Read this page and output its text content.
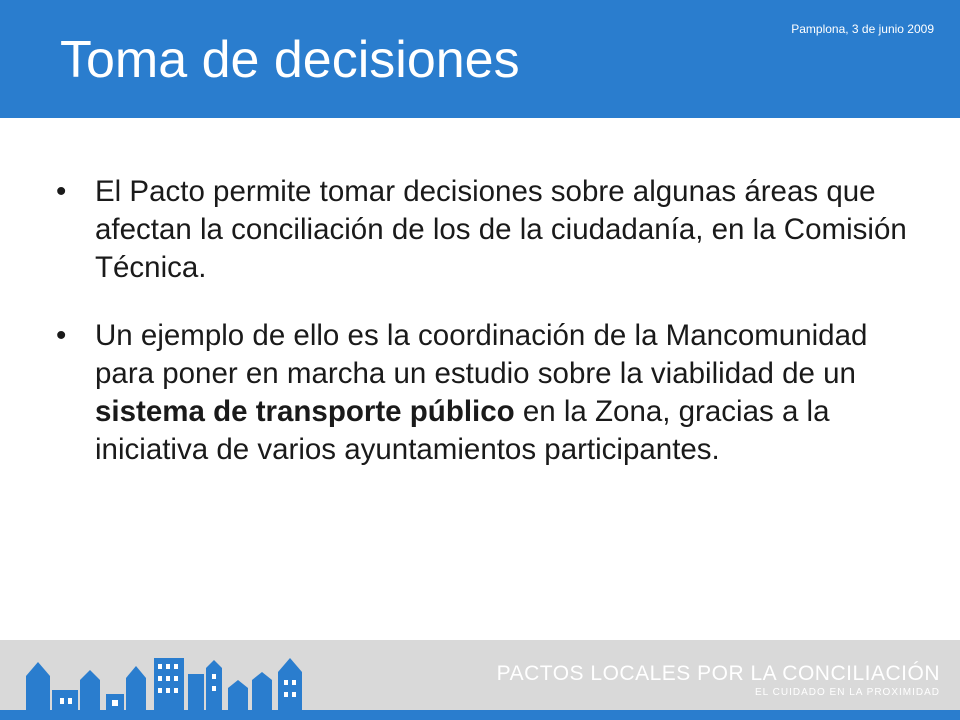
Pamplona, 3 de junio 2009
Toma de decisiones
• El Pacto permite tomar decisiones sobre algunas áreas que afectan la conciliación de los de la ciudadanía, en la Comisión Técnica.
• Un ejemplo de ello es la coordinación de la Mancomunidad para poner en marcha un estudio sobre la viabilidad de un sistema de transporte público en la Zona, gracias a la iniciativa de varios ayuntamientos participantes.
PACTOS LOCALES POR LA CONCILIACIÓN
EL CUIDADO EN LA PROXIMIDAD
